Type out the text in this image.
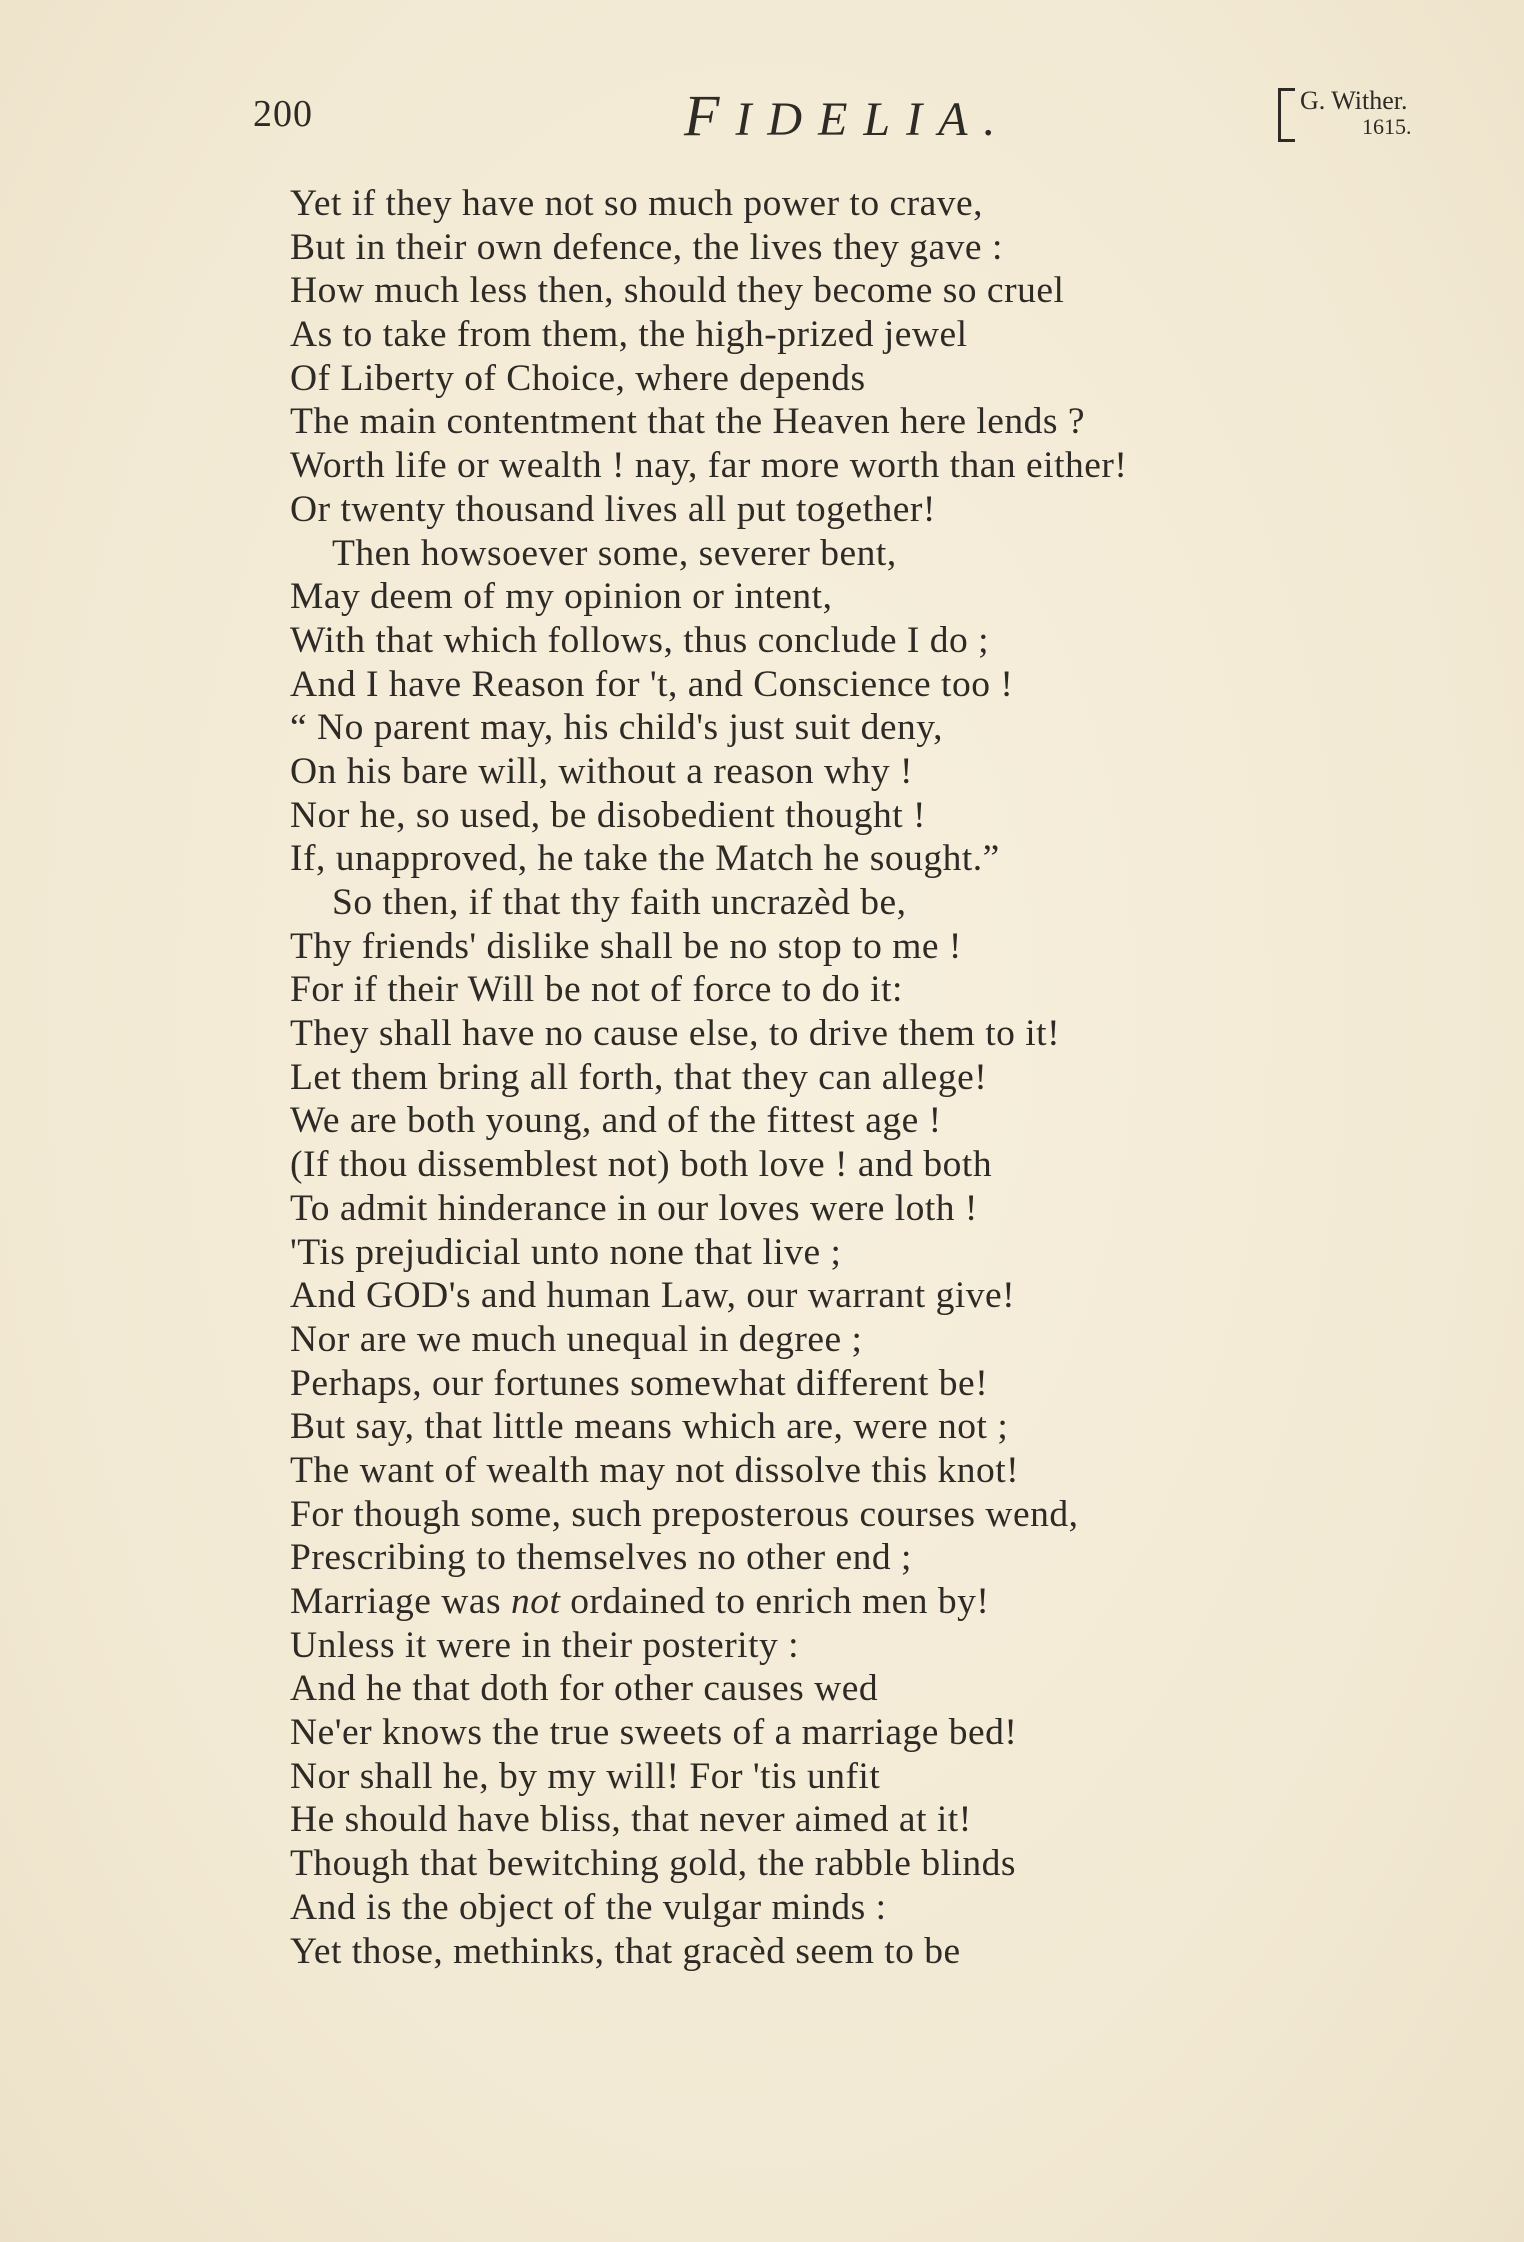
200	FIDELIA.	G. Wither.
1615.
Yet if they have not so much power to crave,
But in their own defence, the lives they gave :
How much less then, should they become so cruel
As to take from them, the high-prized jewel
Of Liberty of Choice, where depends
The main contentment that the Heaven here lends ?
Worth life or wealth ! nay, far more worth than either!
Or twenty thousand lives all put together!
Then howsoever some, severer bent,
May deem of my opinion or intent,
With that which follows, thus conclude I do ;
And I have Reason for 't, and Conscience too !
“ No parent may, his child's just suit deny,
On his bare will, without a reason why !
Nor he, so used, be disobedient thought !
If, unapproved, he take the Match he sought.”
So then, if that thy faith uncrazèd be,
Thy friends' dislike shall be no stop to me !
For if their Will be not of force to do it:
They shall have no cause else, to drive them to it!
Let them bring all forth, that they can allege!
We are both young, and of the fittest age !
(If thou dissemblest not) both love ! and both
To admit hinderance in our loves were loth !
'Tis prejudicial unto none that live ;
And GOD's and human Law, our warrant give!
Nor are we much unequal in degree ;
Perhaps, our fortunes somewhat different be!
But say, that little means which are, were not ;
The want of wealth may not dissolve this knot!
For though some, such preposterous courses wend,
Prescribing to themselves no other end ;
Marriage was not ordained to enrich men by!
Unless it were in their posterity :
And he that doth for other causes wed
Ne'er knows the true sweets of a marriage bed!
Nor shall he, by my will! For 'tis unfit
He should have bliss, that never aimed at it!
Though that bewitching gold, the rabble blinds
And is the object of the vulgar minds :
Yet those, methinks, that gracèd seem to be
